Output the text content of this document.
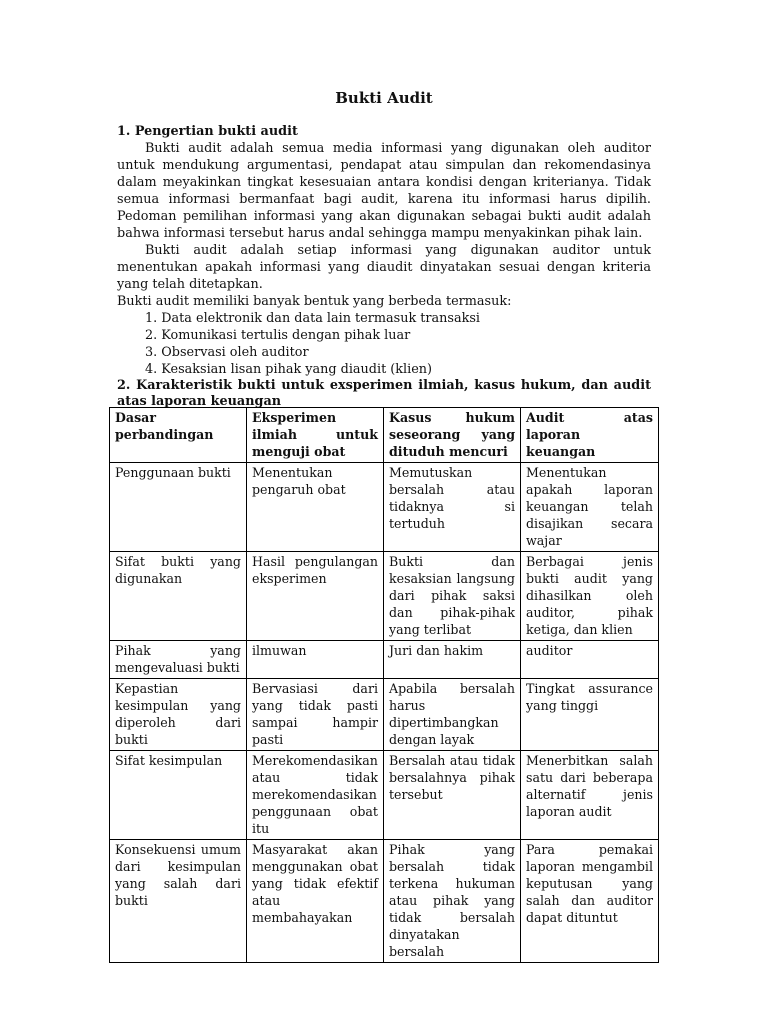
Bukti Audit
1. Pengertian bukti audit
Bukti audit adalah semua media informasi yang digunakan oleh auditor untuk mendukung argumentasi, pendapat atau simpulan dan rekomendasinya dalam meyakinkan tingkat kesesuaian antara kondisi dengan kriterianya. Tidak semua informasi bermanfaat bagi audit, karena itu informasi harus dipilih. Pedoman pemilihan informasi yang akan digunakan sebagai bukti audit adalah bahwa informasi tersebut harus andal sehingga mampu menyakinkan pihak lain.
Bukti audit adalah setiap informasi yang digunakan auditor untuk menentukan apakah informasi yang diaudit dinyatakan sesuai dengan kriteria yang telah ditetapkan.
Bukti audit memiliki banyak bentuk yang berbeda termasuk:
1. Data elektronik dan data lain termasuk transaksi
2. Komunikasi tertulis dengan pihak luar
3. Observasi oleh auditor
4. Kesaksian lisan pihak yang diaudit (klien)
2. Karakteristik bukti untuk exsperimen ilmiah, kasus hukum, dan audit atas laporan keuangan
Dasar perbandingan	Eksperimen ilmiah untuk menguji obat	Kasus hukum seseorang yang dituduh mencuri	Audit atas laporan keuangan
Penggunaan bukti	Menentukan pengaruh obat	Memutuskan bersalah atau tidaknya si tertuduh	Menentukan apakah laporan keuangan telah disajikan secara wajar
Sifat bukti yang digunakan	Hasil pengulangan eksperimen	Bukti dan kesaksian langsung dari pihak saksi dan pihak-pihak yang terlibat	Berbagai jenis bukti audit yang dihasilkan oleh auditor, pihak ketiga, dan klien
Pihak yang mengevaluasi bukti	ilmuwan	Juri dan hakim	auditor
Kepastian kesimpulan yang diperoleh dari bukti	Bervasiasi dari yang tidak pasti sampai hampir pasti	Apabila bersalah harus dipertimbangkan dengan layak	Tingkat assurance yang tinggi
Sifat kesimpulan	Merekomendasikan atau tidak merekomendasikan penggunaan obat itu	Bersalah atau tidak bersalahnya pihak tersebut	Menerbitkan salah satu dari beberapa alternatif jenis laporan audit
Konsekuensi umum dari kesimpulan yang salah dari bukti	Masyarakat akan menggunakan obat yang tidak efektif atau membahayakan	Pihak yang bersalah tidak terkena hukuman atau pihak yang tidak bersalah dinyatakan bersalah	Para pemakai laporan mengambil keputusan yang salah dan auditor dapat dituntut
